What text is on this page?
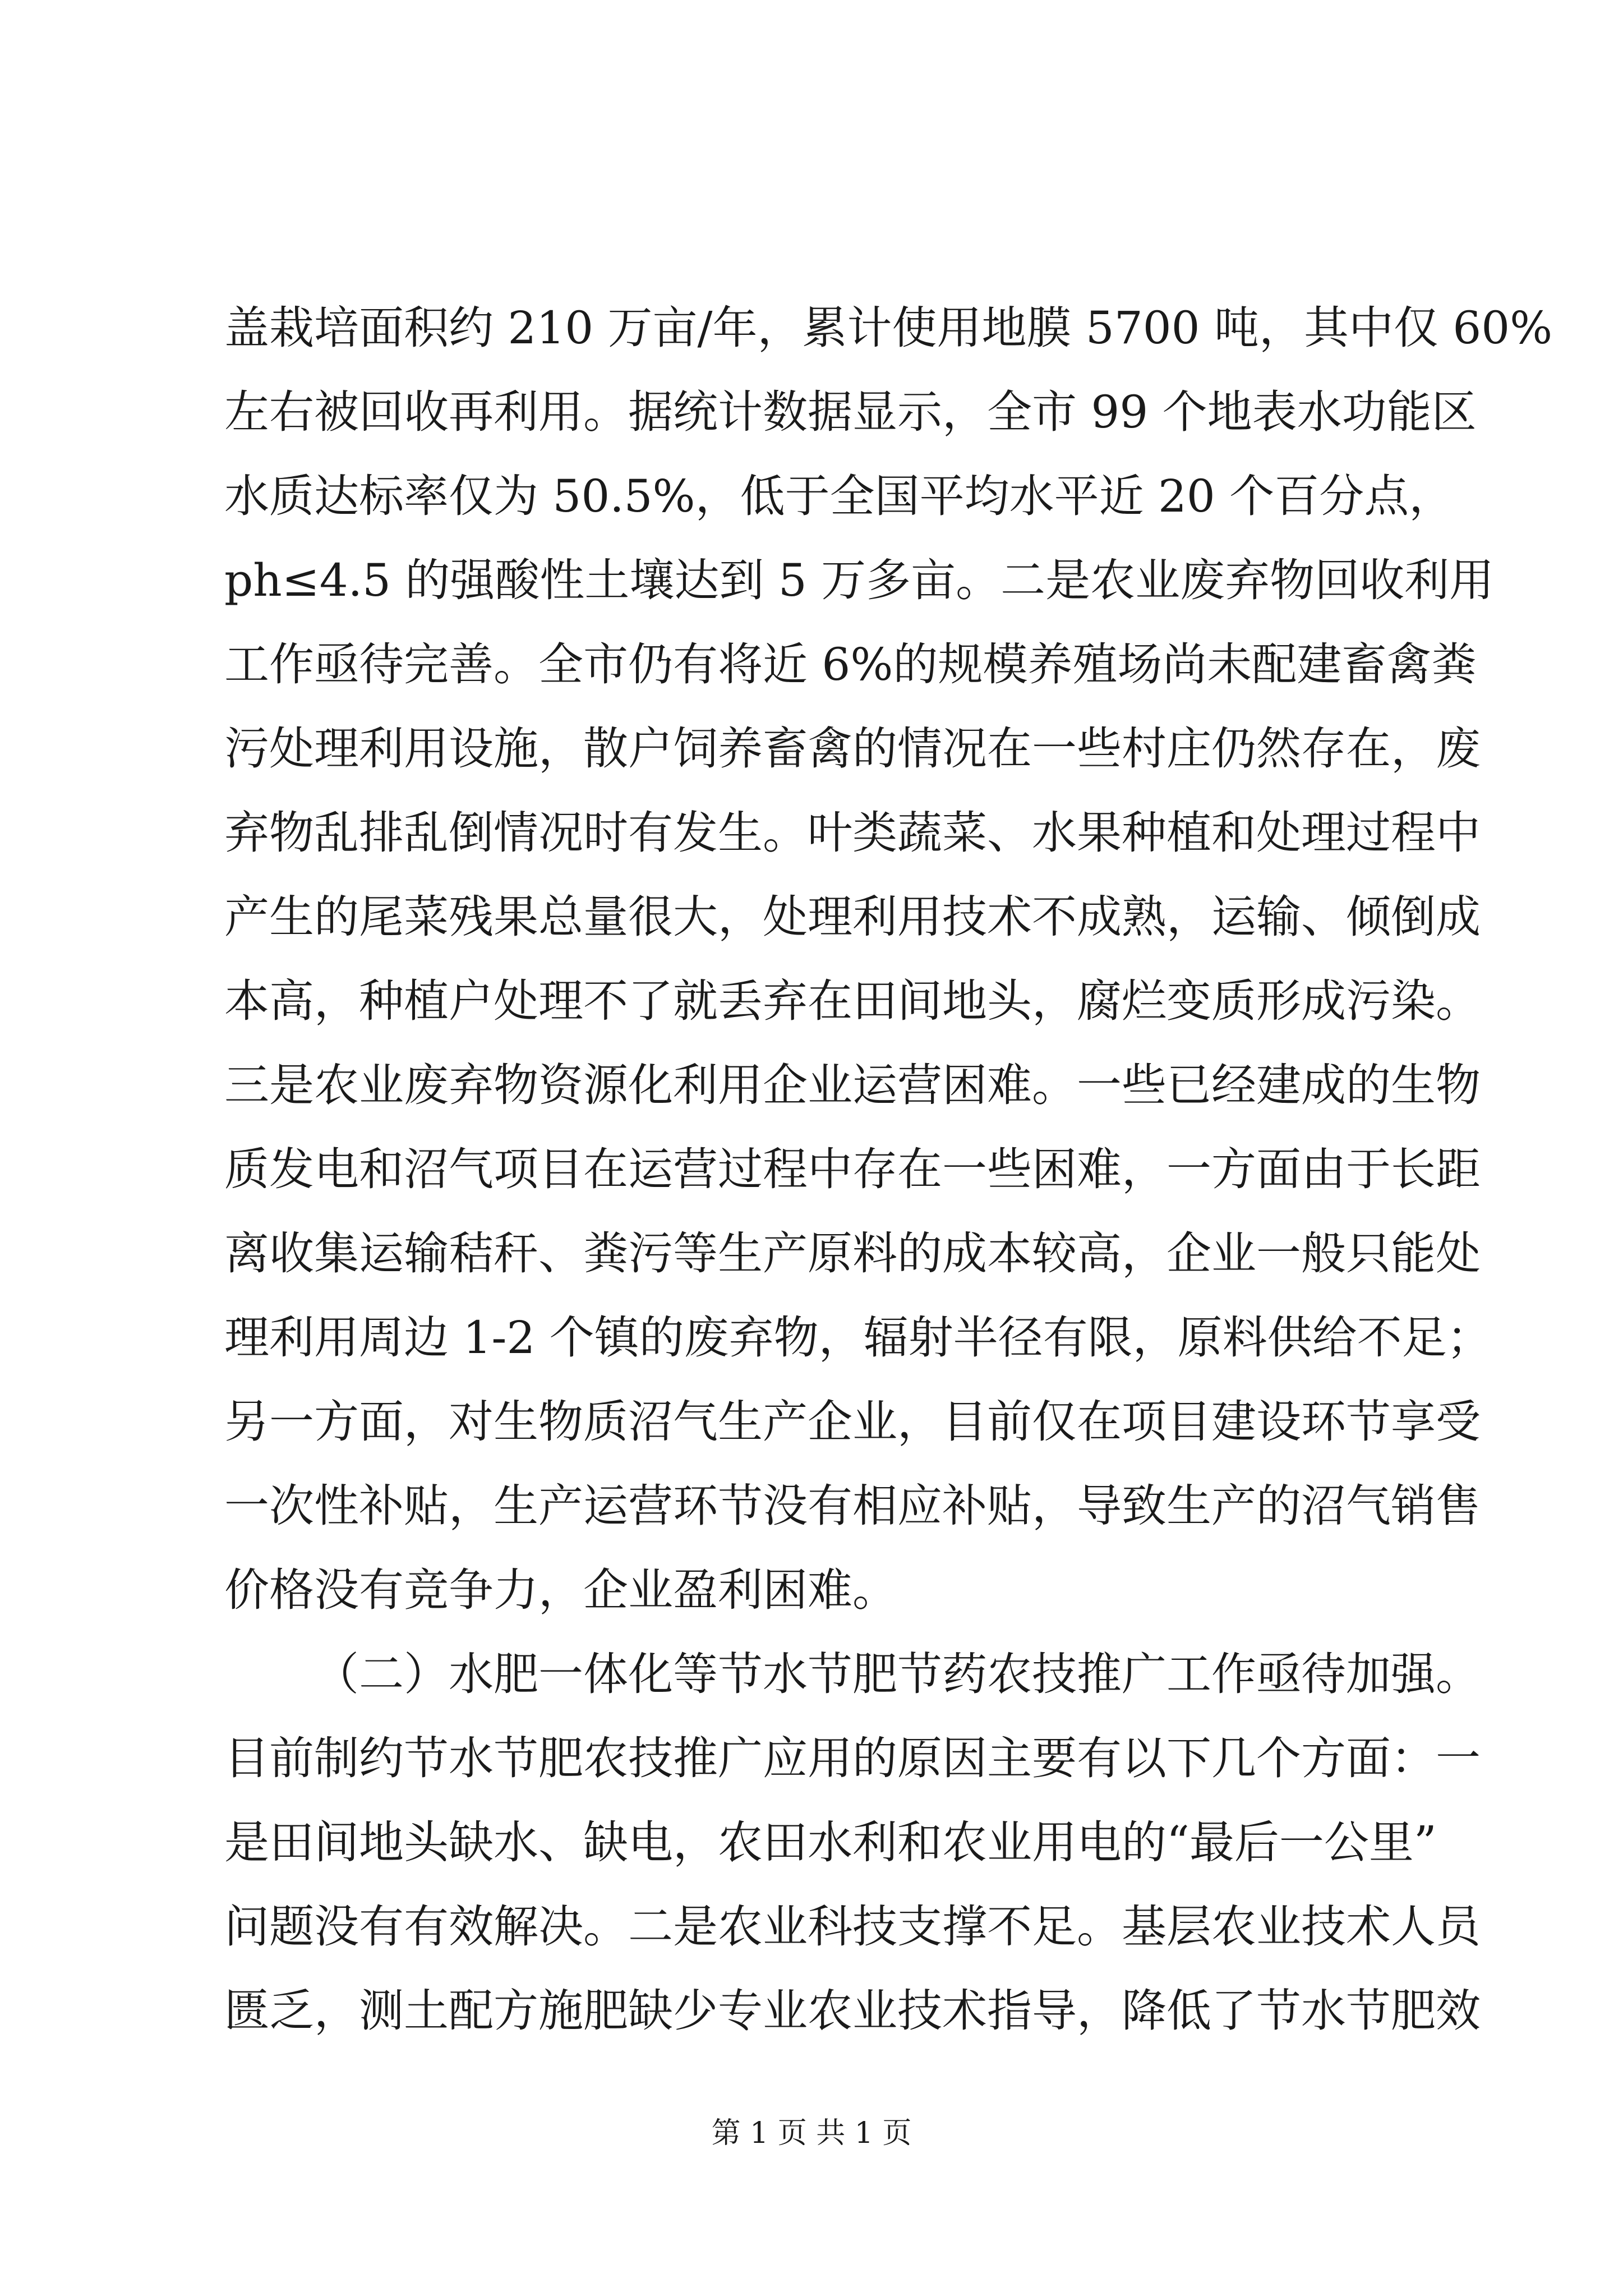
盖栽培面积约 210 万亩/年，累计使用地膜 5700 吨，其中仅 60%
左右被回收再利用。据统计数据显示，全市 99 个地表水功能区
水质达标率仅为 50.5%，低于全国平均水平近 20 个百分点，
ph≤4.5 的强酸性土壤达到 5 万多亩。二是农业废弃物回收利用
工作亟待完善。全市仍有将近 6%的规模养殖场尚未配建畜禽粪
污处理利用设施，散户饲养畜禽的情况在一些村庄仍然存在，废
弃物乱排乱倒情况时有发生。叶类蔬菜、水果种植和处理过程中
产生的尾菜残果总量很大，处理利用技术不成熟，运输、倾倒成
本高，种植户处理不了就丢弃在田间地头，腐烂变质形成污染。
三是农业废弃物资源化利用企业运营困难。一些已经建成的生物
质发电和沼气项目在运营过程中存在一些困难，一方面由于长距
离收集运输秸秆、粪污等生产原料的成本较高，企业一般只能处
理利用周边 1-2 个镇的废弃物，辐射半径有限，原料供给不足；
另一方面，对生物质沼气生产企业，目前仅在项目建设环节享受
一次性补贴，生产运营环节没有相应补贴，导致生产的沼气销售
价格没有竞争力，企业盈利困难。
（二）水肥一体化等节水节肥节药农技推广工作亟待加强。
目前制约节水节肥农技推广应用的原因主要有以下几个方面：一
是田间地头缺水、缺电，农田水利和农业用电的“最后一公里”
问题没有有效解决。二是农业科技支撑不足。基层农业技术人员
匮乏，测土配方施肥缺少专业农业技术指导，降低了节水节肥效
第 1 页 共 1 页
